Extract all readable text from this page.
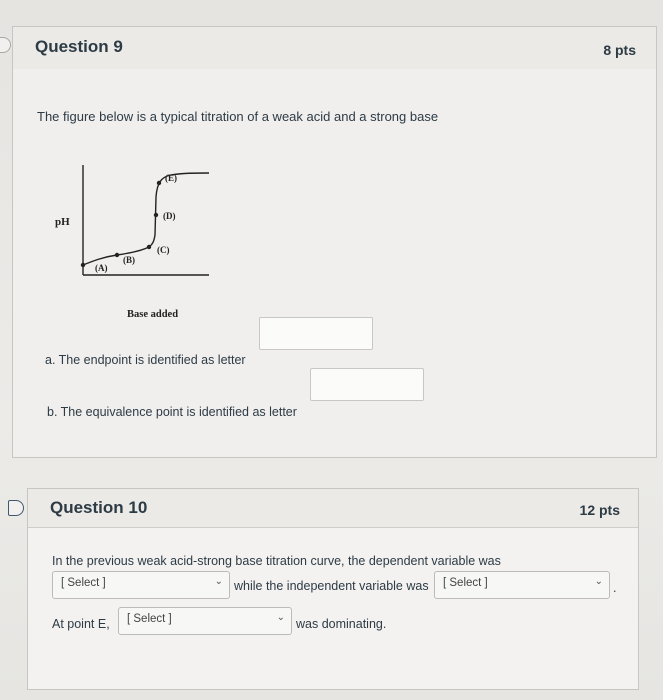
Question 9	8 pts
The figure below is a typical titration of a weak acid and a strong base
pH
Base added
(A)
(B)
(C)
(D)
(E)
a. The endpoint is identified as letter
b. The equivalence point is identified as letter
Question 10	12 pts
In the previous weak acid-strong base titration curve, the dependent variable was
[ Select ]	⌄ while the independent variable was [ Select ]	⌄ .
At point E, [ Select ]	⌄ was dominating.
